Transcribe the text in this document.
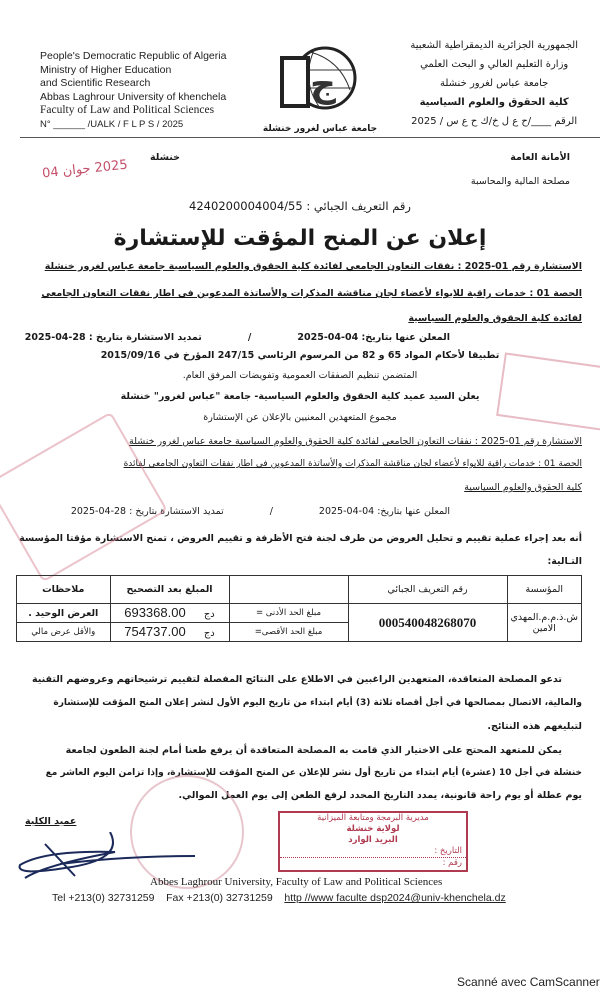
People's Democratic Republic of Algeria
Ministry of Higher Education
and Scientific Research
Abbas Laghrour University of khenchela
Faculty of Law and Political Sciences
N° ______ /UALK / F L P S / 2025
ج
جامعة عباس لغرور خنشلة
الجمهورية الجزائرية الديمقراطية الشعبية
وزارة التعليم العالي و البحث العلمي
جامعة عباس لغرور خنشلة
كلية الحقوق والعلوم السياسية
الرقم ____/ح ع ل خ/ك ح ع س / 2025
خنشلة	الأمانة العامة
مصلحة المالية والمحاسبة
2025 جوان 04
رقم التعريف الجبائي : 4240200004004/55
إعلان عن المنح المؤقت للإستشارة
الاستشارة رقم 01-2025 : نفقات التعاون الجامعي لفائدة كلية الحقوق والعلوم السياسية جامعة عباس لغرور خنشلة
الحصة 01 : خدمات راقية للايواء لأعضاء لجان مناقشة المذكرات والأساتذة المدعوين في اطار نفقات التعاون الجامعي
لفائدة كلية الحقوق والعلوم السياسية
المعلن عنها بتاريخ: 04-04-2025
/
تمديد الاستشارة بتاريخ : 28-04-2025
تطبيقا لأحكام المواد 65 و 82 من المرسوم الرئاسي 247/15 المؤرخ في 2015/09/16
المتضمن تنظيم الصفقات العمومية وتفويضات المرفق العام.
يعلن السيد عميد كلية الحقوق والعلوم السياسية- جامعة "عباس لغرور" خنشلة
مجموع المتعهدين المعنيين بالإعلان عن الإستشارة
الاستشارة رقم 01-2025 : نفقات التعاون الجامعي لفائدة كلية الحقوق والعلوم السياسية جامعة عباس لغرور خنشلة
الحصة 01 : خدمات راقية للايواء لأعضاء لجان مناقشة المذكرات والأساتذة المدعوين في اطار نفقات التعاون الجامعي لفائدة
كلية الحقوق والعلوم السياسية
المعلن عنها بتاريخ: 04-04-2025
/
تمديد الاستشارة بتاريخ : 28-04-2025
أنه بعد إجراء عملية تقييم و تحليل العروض من طرف لجنة فتح الأظرفة و تقييم العروض ، تمنح الاستشارة مؤقتا المؤسسة
التـالية:
المؤسسة	رقم التعريف الجبائي		المبلغ بعد التصحيح	ملاحظات
ش.ذ.م.م.المهدي الامين	000540048268070	مبلغ الحد الأدنى =	دج 693368.00	العرض الوحيد .
		مبلغ الحد الأقصى=	دج 754737.00	والأقل عرض مالي
تدعو المصلحة المتعاقدة، المتعهدين الراغبين في الاطلاع على النتائج المفصلة لتقييم ترشيحاتهم وعروضهم التقنية
والمالية، الاتصال بمصالحها في أجل أقصاه ثلاثة (3) أيام ابتداء من تاريخ اليوم الأول لنشر إعلان المنح المؤقت للإستشارة
لتبليغهم هذه النتائج.
يمكن للمتعهد المحتج على الاختيار الذي قامت به المصلحة المتعاقدة أن يرفع طعنا أمام لجنة الطعون لجامعة
خنشلة في أجل 10 (عشرة) أيام ابتداء من تاريخ أول نشر للإعلان عن المنح المؤقت للإستشارة، وإذا تزامن اليوم العاشر مع
يوم عطلة أو يوم راحة قانونية، يمدد التاريخ المحدد لرفع الطعن إلى يوم العمل الموالي.
عميد الكلية	مديرية البرمجة ومتابعة الميزانية
لولاية خنشلة
البريد الوارد
التاريخ :
رقم :
Abbes Laghrour University, Faculty of Law and Political Sciences
Tel +213(0) 32731259 Fax +213(0) 32731259 http //www faculte dsp2024@univ-khenchela.dz
Scanné avec CamScanner
